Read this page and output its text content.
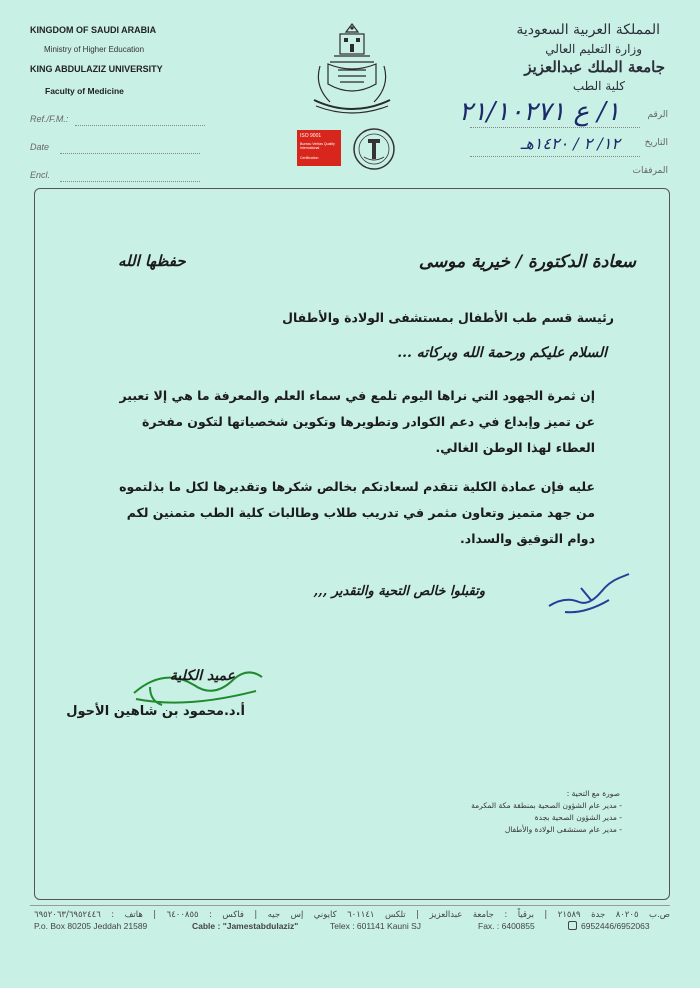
KINGDOM OF SAUDI ARABIA
Ministry of Higher Education
KING ABDULAZIZ UNIVERSITY
Faculty of Medicine
Ref./F.M.:
Date
Encl.
ISO 9001
Bureau Veritas Quality International
Certification
المملكة العربية السعودية
وزارة التعليم العالي
جامعة الملك عبدالعزيز
كلية الطب
الرقم
١/ ع ٢١/١٠٢٧١
التاريخ
١٢/ ٢ / ١٤٢٠هـ
المرفقات
سعادة الدكتورة / خيرية موسى
حفظها الله
رئيسة قسم طب الأطفال بمستشفى الولادة والأطفال
السلام عليكم ورحمة الله وبركاته ...
إن ثمرة الجهود التي نراها اليوم تلمع في سماء العلم والمعرفة ما هي إلا تعبير عن تميز وإبداع في دعم الكوادر وتطويرها وتكوين شخصياتها لتكون مفخرة العطاء لهذا الوطن الغالي.
عليه فإن عمادة الكلية تتقدم لسعادتكم بخالص شكرها وتقديرها لكل ما بذلتموه من جهد متميز وتعاون مثمر في تدريب طلاب وطالبات كلية الطب متمنين لكم دوام التوفيق والسداد.
وتقبلوا خالص التحية والتقدير ,,,
عميد الكلية
أ.د.محمود بن شاهين الأحول
صورة مع التحية :
- مدير عام الشؤون الصحية بمنطقة مكة المكرمة
- مدير الشؤون الصحية بجدة
- مدير عام مستشفى الولادة والأطفال
ص.ب ٨٠٢٠٥ جدة ٢١٥٨٩ | برقياً : جامعة عبدالعزيز | تلكس ٦٠١١٤١ كايوني إس جيه | فاكس : ٦٤٠٠٨٥٥ | هاتف : ٦٩٥٢٠٦٣/٦٩٥٢٤٤٦
P.o. Box 80205 Jeddah 21589	Cable : "Jamestabdulaziz"	Telex : 601141 Kauni SJ	Fax. : 6400855	6952446/6952063
